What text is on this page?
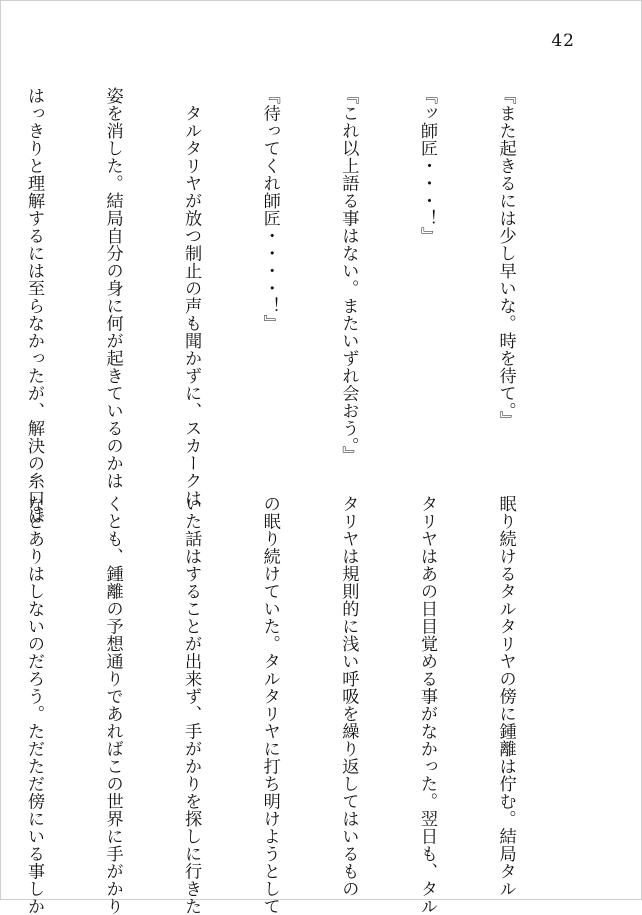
42

『また起きるには少し早いな。時を待て。』

『ッ師匠・・・！』

『これ以上語る事はない。またいずれ会おう。』

『待ってくれ師匠・・・・！』

　タルタリヤが放つ制止の声も聞かずに、スカークは

姿を消した。結局自分の身に何が起きているのかは

はっきりと理解するには至らなかったが、解決の糸口は

眠り続けるタルタリヤの傍に鍾離は佇む。結局タル

タリヤはあの日目覚める事がなかった。翌日も、タル

タリヤは規則的に浅い呼吸を繰り返してはいるもの

の眠り続けていた。タルタリヤに打ち明けようとして

いた話はすることが出来ず、手がかりを探しに行きた

くとも、鍾離の予想通りであればこの世界に手がかり

などありはしないのだろう。ただただ傍にいる事しか
